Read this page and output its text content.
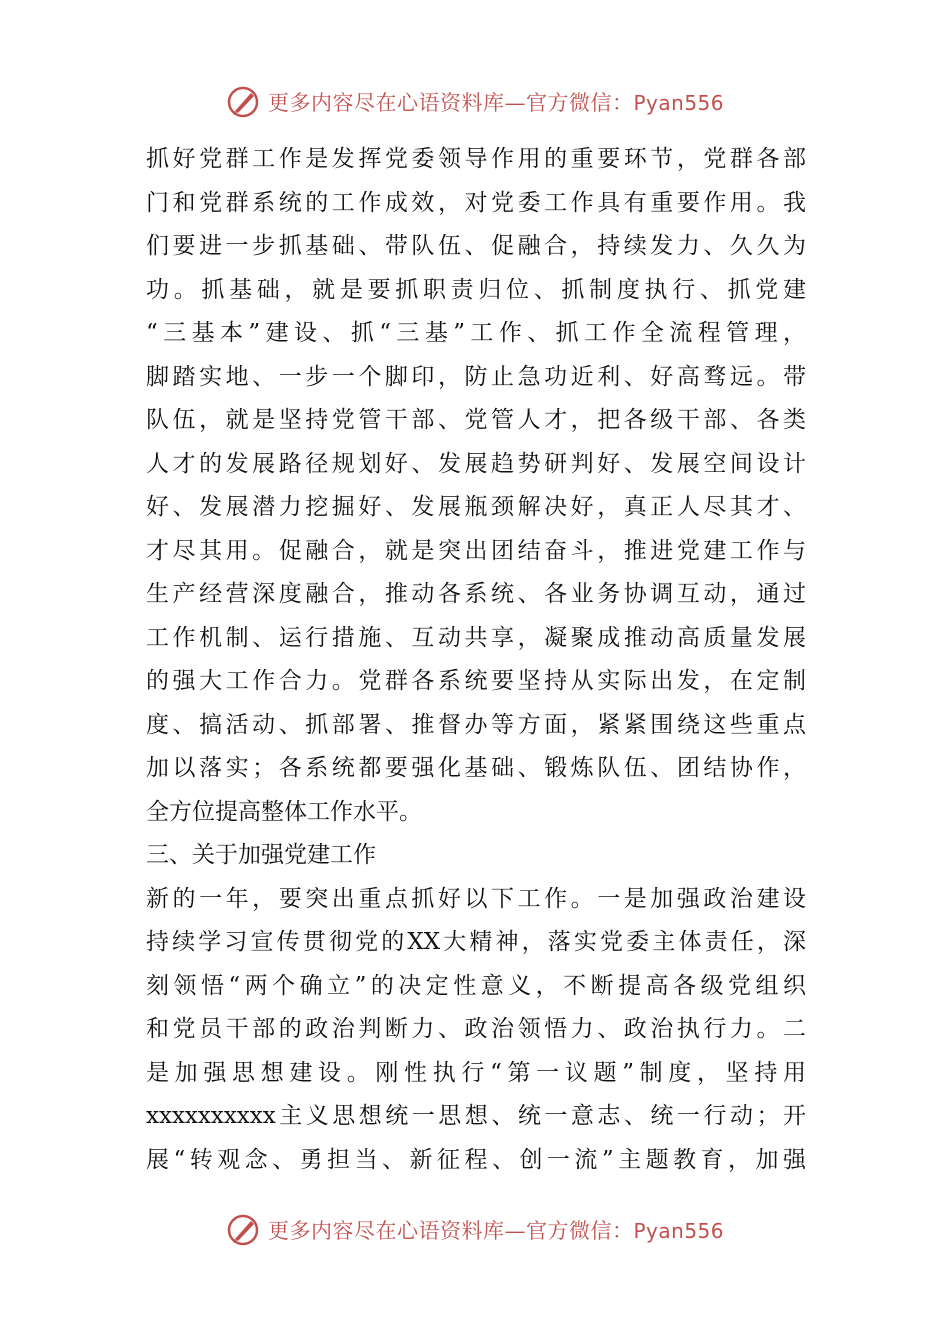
更多内容尽在心语资料库—官方微信：Pyan556
抓好党群工作是发挥党委领导作用的重要环节，党群各部
门和党群系统的工作成效，对党委工作具有重要作用。我
们要进一步抓基础、带队伍、促融合，持续发力、久久为
功。抓基础，就是要抓职责归位、抓制度执行、抓党建
“三基本”建设、抓“三基”工作、抓工作全流程管理，
脚踏实地、一步一个脚印，防止急功近利、好高骛远。带
队伍，就是坚持党管干部、党管人才，把各级干部、各类
人才的发展路径规划好、发展趋势研判好、发展空间设计
好、发展潜力挖掘好、发展瓶颈解决好，真正人尽其才、
才尽其用。促融合，就是突出团结奋斗，推进党建工作与
生产经营深度融合，推动各系统、各业务协调互动，通过
工作机制、运行措施、互动共享，凝聚成推动高质量发展
的强大工作合力。党群各系统要坚持从实际出发，在定制
度、搞活动、抓部署、推督办等方面，紧紧围绕这些重点
加以落实；各系统都要强化基础、锻炼队伍、团结协作，
全方位提高整体工作水平。
三、关于加强党建工作
新的一年，要突出重点抓好以下工作。一是加强政治建设
持续学习宣传贯彻党的XX大精神，落实党委主体责任，深
刻领悟“两个确立”的决定性意义，不断提高各级党组织
和党员干部的政治判断力、政治领悟力、政治执行力。二
是加强思想建设。刚性执行“第一议题”制度，坚持用
xxxxxxxxxx主义思想统一思想、统一意志、统一行动；开
展“转观念、勇担当、新征程、创一流”主题教育，加强
更多内容尽在心语资料库—官方微信：Pyan556
